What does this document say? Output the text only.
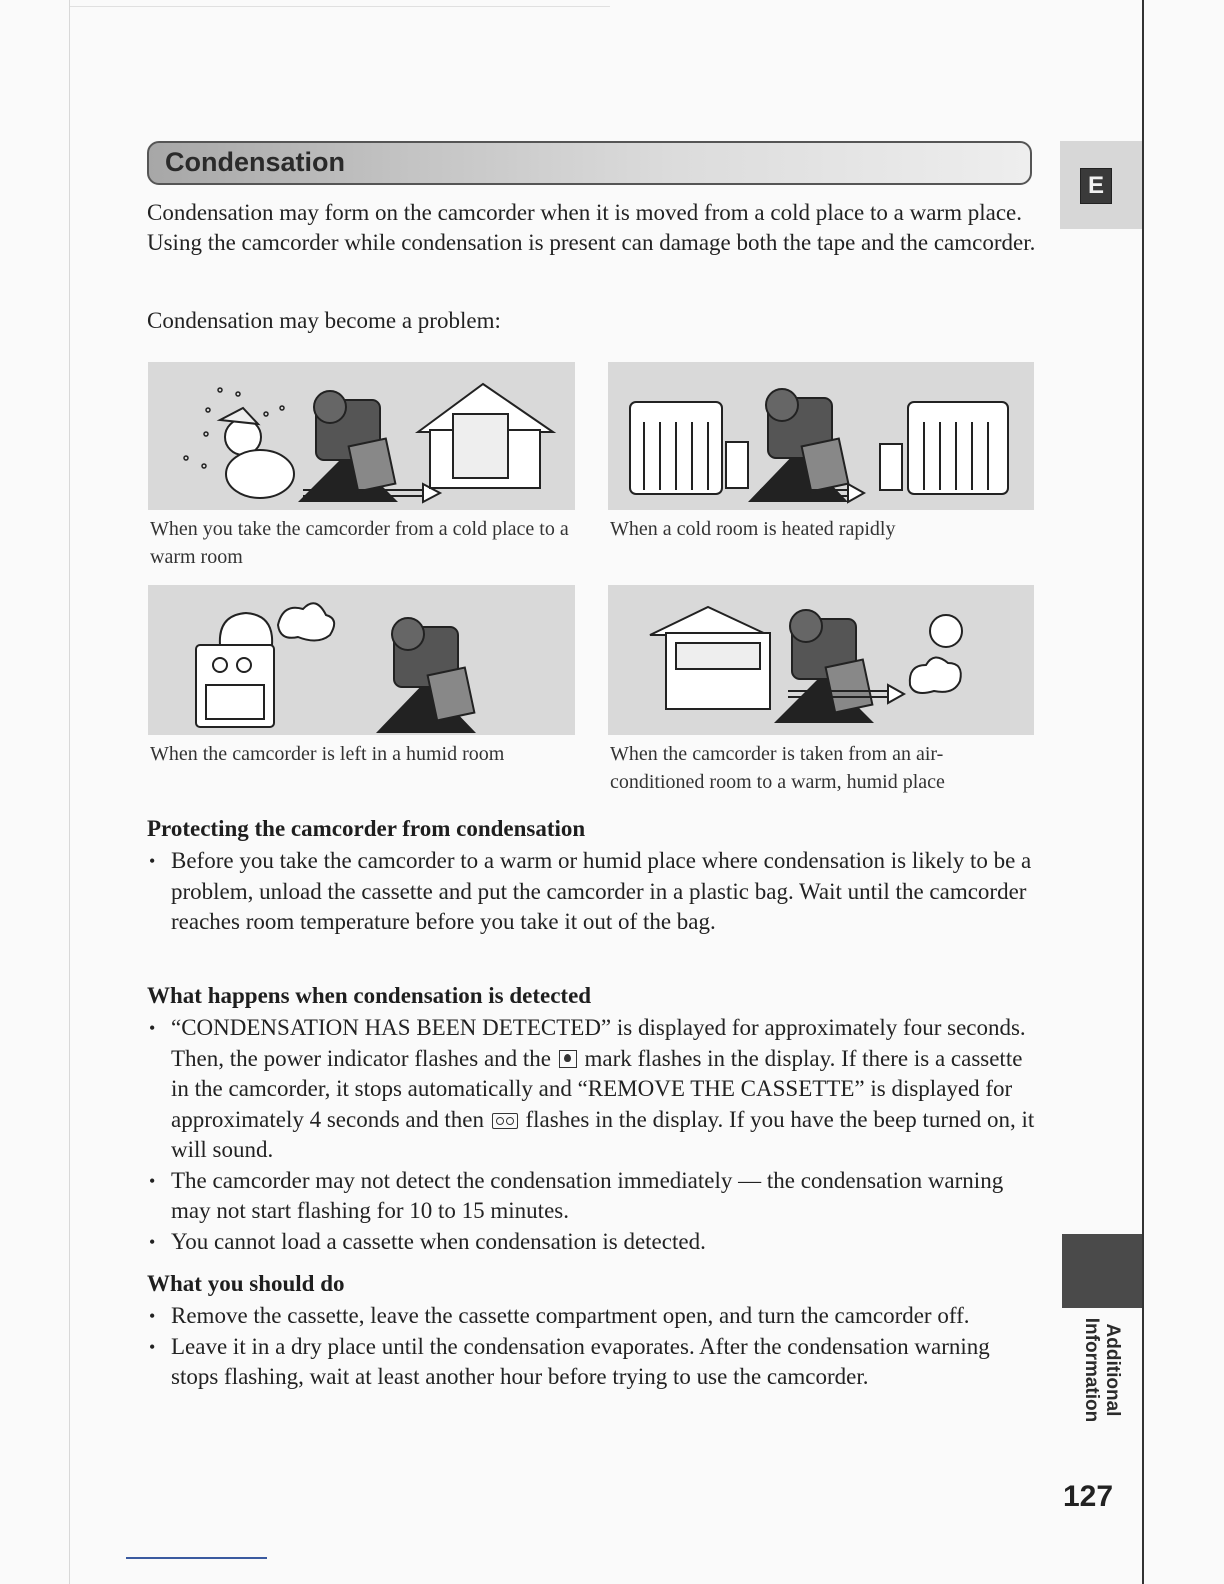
Condensation

Condensation may form on the camcorder when it is moved from a cold place to a warm place. Using the camcorder while condensation is present can damage both the tape and the camcorder.

Condensation may become a problem:

When you take the camcorder from a cold place to a warm room

When a cold room is heated rapidly

When the camcorder is left in a humid room	When the camcorder is taken from an air-conditioned room to a warm, humid place

Protecting the camcorder from condensation
• Before you take the camcorder to a warm or humid place where condensation is likely to be a problem, unload the cassette and put the camcorder in a plastic bag. Wait until the camcorder reaches room temperature before you take it out of the bag.
What happens when condensation is detected
• “CONDENSATION HAS BEEN DETECTED” is displayed for approximately four seconds. Then, the power indicator flashes and the mark flashes in the display. If there is a cassette in the camcorder, it stops automatically and “REMOVE THE CASSETTE” is displayed for approximately 4 seconds and then flashes in the display. If you have the beep turned on, it will sound.
• The camcorder may not detect the condensation immediately — the condensation warning may not start flashing for 10 to 15 minutes.
• You cannot load a cassette when condensation is detected.
What you should do
• Remove the cassette, leave the cassette compartment open, and turn the camcorder off.
• Leave it in a dry place until the condensation evaporates. After the condensation warning stops flashing, wait at least another hour before trying to use the camcorder.
E
Additional
Information
127
